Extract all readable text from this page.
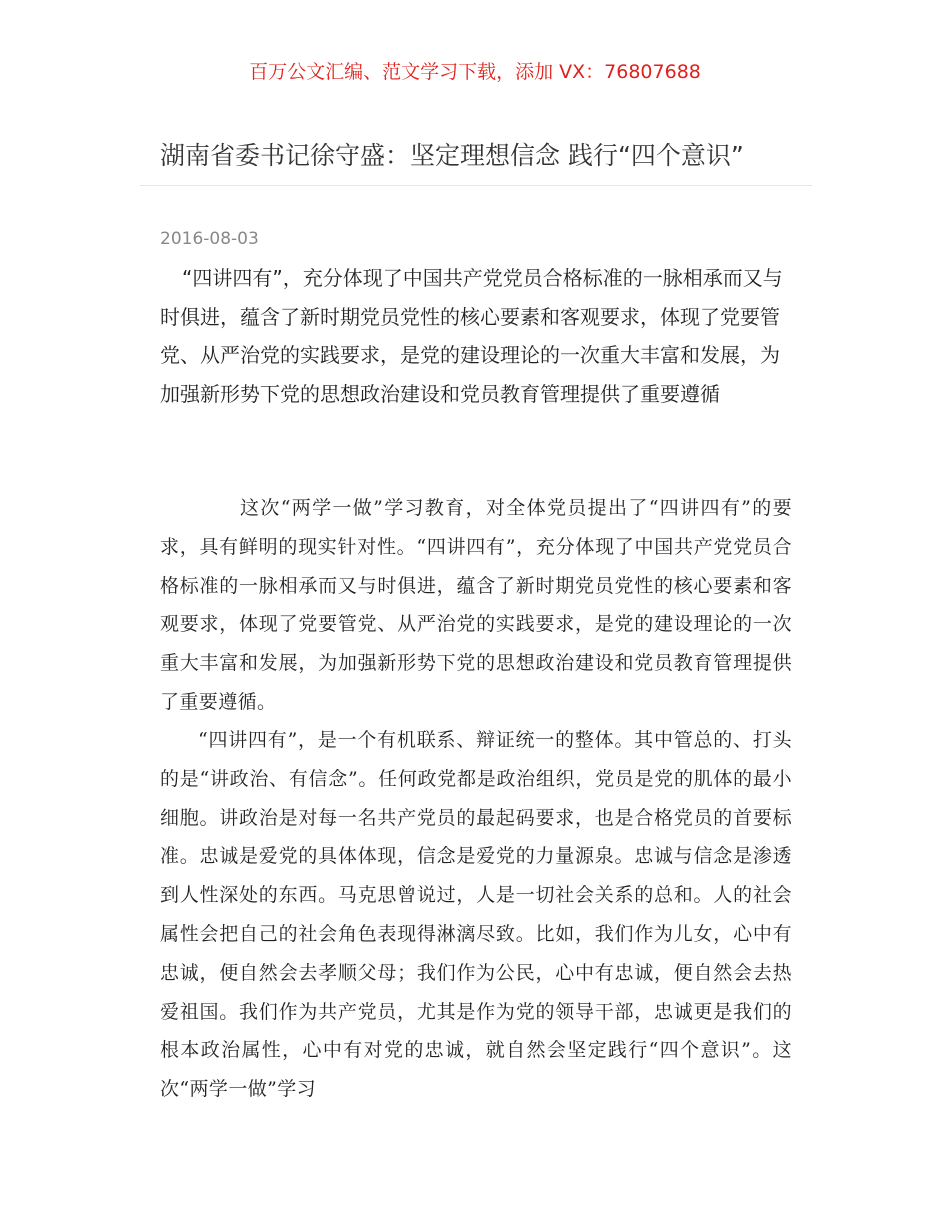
百万公文汇编、范文学习下载，添加 VX：76807688
湖南省委书记徐守盛：坚定理想信念 践行“四个意识”
2016-08-03

“四讲四有”，充分体现了中国共产党党员合格标准的一脉相承而又与时俱进，蕴含了新时期党员党性的核心要素和客观要求，体现了党要管党、从严治党的实践要求，是党的建设理论的一次重大丰富和发展，为加强新形势下党的思想政治建设和党员教育管理提供了重要遵循

这次“两学一做”学习教育，对全体党员提出了“四讲四有”的要求，具有鲜明的现实针对性。“四讲四有”，充分体现了中国共产党党员合格标准的一脉相承而又与时俱进，蕴含了新时期党员党性的核心要素和客观要求，体现了党要管党、从严治党的实践要求，是党的建设理论的一次重大丰富和发展，为加强新形势下党的思想政治建设和党员教育管理提供了重要遵循。

“四讲四有”，是一个有机联系、辩证统一的整体。其中管总的、打头的是“讲政治、有信念”。任何政党都是政治组织，党员是党的肌体的最小细胞。讲政治是对每一名共产党员的最起码要求，也是合格党员的首要标准。忠诚是爱党的具体体现，信念是爱党的力量源泉。忠诚与信念是渗透到人性深处的东西。马克思曾说过，人是一切社会关系的总和。人的社会属性会把自己的社会角色表现得淋漓尽致。比如，我们作为儿女，心中有忠诚，便自然会去孝顺父母；我们作为公民，心中有忠诚，便自然会去热爱祖国。我们作为共产党员，尤其是作为党的领导干部，忠诚更是我们的根本政治属性，心中有对党的忠诚，就自然会坚定践行“四个意识”。这次“两学一做”学习
